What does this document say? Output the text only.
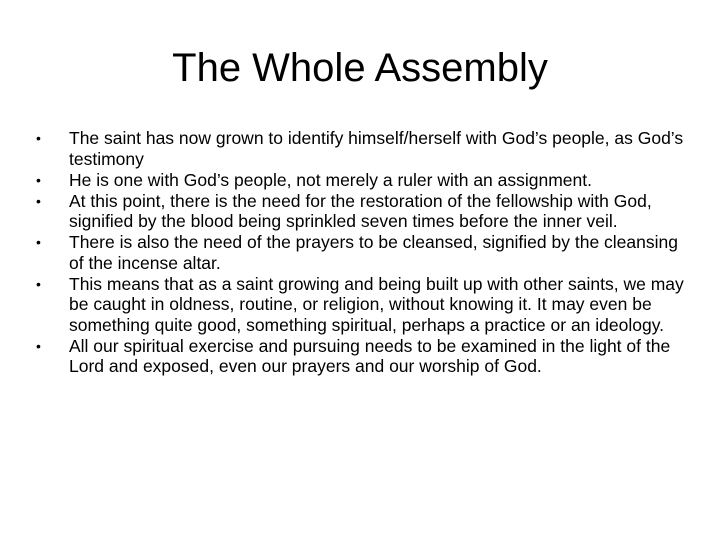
The Whole Assembly
•	The saint has now grown to identify himself/herself with God’s people, as God’s testimony
•	He is one with God’s people, not merely a ruler with an assignment.
•	At this point, there is the need for the restoration of the fellowship with God, signified by the blood being sprinkled seven times before the inner veil.
•	There is also the need of the prayers to be cleansed, signified by the cleansing of the incense altar.
•	This means that as a saint growing and being built up with other saints, we may be caught in oldness, routine, or religion, without knowing it. It may even be something quite good, something spiritual, perhaps a practice or an ideology.
•	All our spiritual exercise and pursuing needs to be examined in the light of the Lord and exposed, even our prayers and our worship of God.
